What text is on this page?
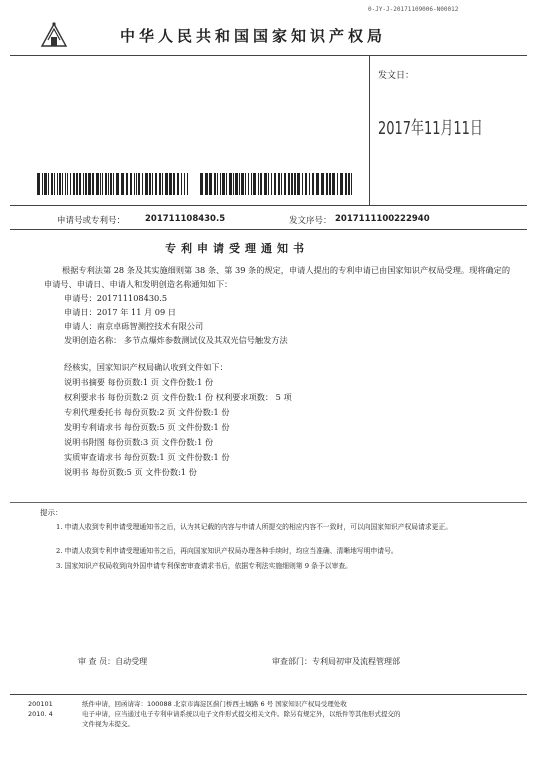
0-JY-J-20171109006-N00012
中华人民共和国国家知识产权局
发文日：
2017年11月11日
申请号或专利号： 201711108430.5	发文序号： 2017111100222940
专利申请受理通知书
根据专利法第 28 条及其实施细则第 38 条、第 39 条的规定，申请人提出的专利申请已由国家知识产权局受理。现将确定的申请号、申请日、申请人和发明创造名称通知如下：
申请号：201711108430.5
申请日：2017 年 11 月 09 日
申请人：南京卓砾智测控技术有限公司
发明创造名称： 多节点爆炸参数测试仪及其双光信号触发方法
经核实，国家知识产权局确认收到文件如下：
说明书摘要 每份页数:1 页 文件份数:1 份
权利要求书 每份页数:2 页 文件份数:1 份 权利要求项数： 5 项
专利代理委托书 每份页数:2 页 文件份数:1 份
发明专利请求书 每份页数:5 页 文件份数:1 份
说明书附图 每份页数:3 页 文件份数:1 份
实质审查请求书 每份页数:1 页 文件份数:1 份
说明书 每份页数:5 页 文件份数:1 份
提示：
1. 申请人收到专利申请受理通知书之后，认为其记载的内容与申请人所提交的相应内容不一致时，可以向国家知识产权局请求更正。
2. 申请人收到专利申请受理通知书之后，再向国家知识产权局办理各种手续时，均应当准确、清晰地写明申请号。
3. 国家知识产权局收到向外国申请专利保密审查请求书后，依据专利法实施细则第 9 条予以审查。
审 查 员：自动受理	审查部门：专利局初审及流程管理部
200101
2010. 4
纸件申请，回函请寄：100088 北京市海淀区蓟门桥西土城路 6 号 国家知识产权局受理处收
电子申请，应当通过电子专利申请系统以电子文件形式提交相关文件。除另有规定外，以纸件等其他形式提交的
文件视为未提交。
